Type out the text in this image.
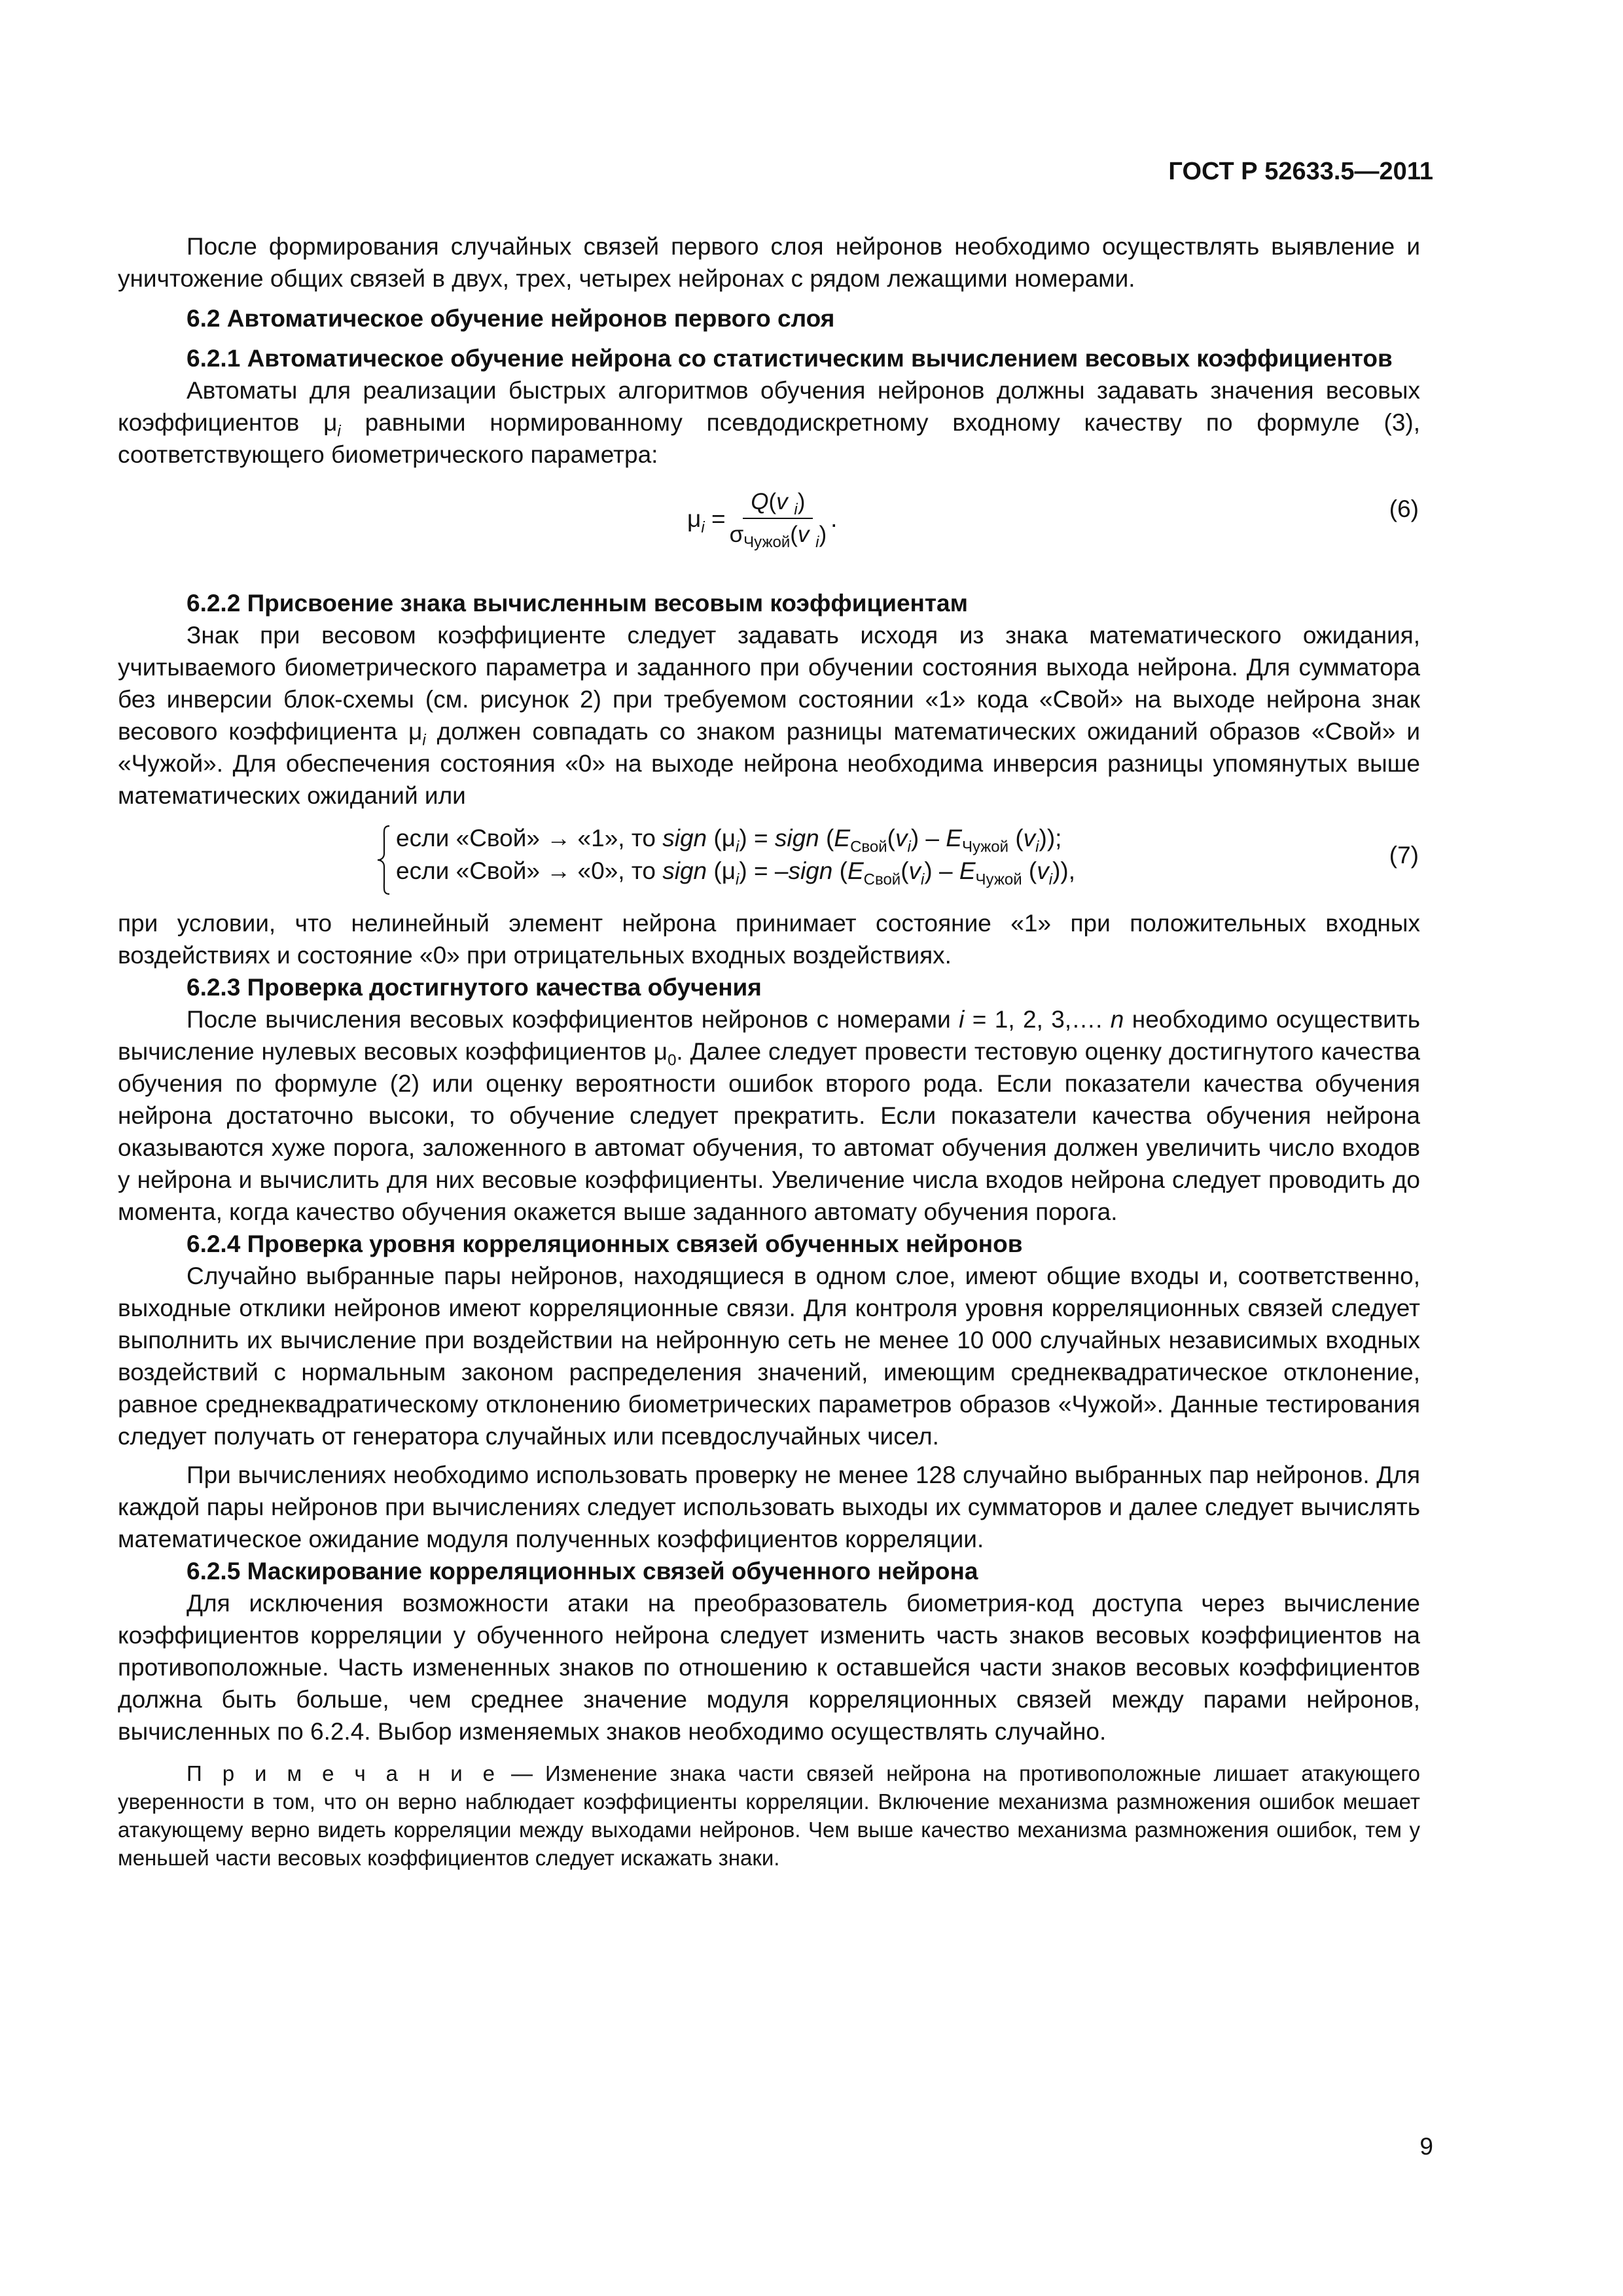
ГОСТ Р 52633.5—2011

После формирования случайных связей первого слоя нейронов необходимо осуществлять выявление и уничтожение общих связей в двух, трех, четырех нейронах с рядом лежащими номерами.

6.2 Автоматическое обучение нейронов первого слоя

6.2.1 Автоматическое обучение нейрона со статистическим вычислением весовых коэффициентов

Автоматы для реализации быстрых алгоритмов обучения нейронов должны задавать значения весовых коэффициентов $\mu_i$ равными нормированному псевдодискретному входному качеству по формуле (3), соответствующего биометрического параметра:

$\mu_i = \frac{Q(v _i)}{\sigma_{Чужой}(v _i)}$ .	(6)

6.2.2 Присвоение знака вычисленным весовым коэффициентам

Знак при весовом коэффициенте следует задавать исходя из знака математического ожидания, учитываемого биометрического параметра и заданного при обучении состояния выхода нейрона. Для сумматора без инверсии блок-схемы (см. рисунок 2) при требуемом состоянии «1» кода «Свой» на выходе нейрона знак весового коэффициента $\mu_i$ должен совпадать со знаком разницы математических ожиданий образов «Свой» и «Чужой». Для обеспечения состояния «0» на выходе нейрона необходима инверсия разницы упомянутых выше математических ожиданий или

если «Свой» → «1», то sign $(\mu_i)$ = sign ($E_{Свой}(v_i) - E_{Чужой}$ $(v_i)$);
если «Свой» → «0», то sign $(\mu_i)$ = –sign ($E_{Свой}(v_i) - E_{Чужой}$ $(v_i)$),
(7)

при условии, что нелинейный элемент нейрона принимает состояние «1» при положительных входных воздействиях и состояние «0» при отрицательных входных воздействиях.

6.2.3 Проверка достигнутого качества обучения

После вычисления весовых коэффициентов нейронов с номерами i = 1, 2, 3,…. n необходимо осуществить вычисление нулевых весовых коэффициентов $\mu_0$. Далее следует провести тестовую оценку достигнутого качества обучения по формуле (2) или оценку вероятности ошибок второго рода. Если показатели качества обучения нейрона достаточно высоки, то обучение следует прекратить. Если показатели качества обучения нейрона оказываются хуже порога, заложенного в автомат обучения, то автомат обучения должен увеличить число входов у нейрона и вычислить для них весовые коэффициенты. Увеличение числа входов нейрона следует проводить до момента, когда качество обучения окажется выше заданного автомату обучения порога.

6.2.4 Проверка уровня корреляционных связей обученных нейронов

Случайно выбранные пары нейронов, находящиеся в одном слое, имеют общие входы и, соответственно, выходные отклики нейронов имеют корреляционные связи. Для контроля уровня корреляционных связей следует выполнить их вычисление при воздействии на нейронную сеть не менее 10 000 случайных независимых входных воздействий с нормальным законом распределения значений, имеющим среднеквадратическое отклонение, равное среднеквадратическому отклонению биометрических параметров образов «Чужой». Данные тестирования следует получать от генератора случайных или псевдослучайных чисел.

При вычислениях необходимо использовать проверку не менее 128 случайно выбранных пар нейронов. Для каждой пары нейронов при вычислениях следует использовать выходы их сумматоров и далее следует вычислять математическое ожидание модуля полученных коэффициентов корреляции.

6.2.5 Маскирование корреляционных связей обученного нейрона

Для исключения возможности атаки на преобразователь биометрия-код доступа через вычисление коэффициентов корреляции у обученного нейрона следует изменить часть знаков весовых коэффициентов на противоположные. Часть измененных знаков по отношению к оставшейся части знаков весовых коэффициентов должна быть больше, чем среднее значение модуля корреляционных связей между парами нейронов, вычисленных по 6.2.4. Выбор изменяемых знаков необходимо осуществлять случайно.

П р и м е ч а н и е — Изменение знака части связей нейрона на противоположные лишает атакующего уверенности в том, что он верно наблюдает коэффициенты корреляции. Включение механизма размножения ошибок мешает атакующему верно видеть корреляции между выходами нейронов. Чем выше качество механизма размножения ошибок, тем у меньшей части весовых коэффициентов следует искажать знаки.

9
